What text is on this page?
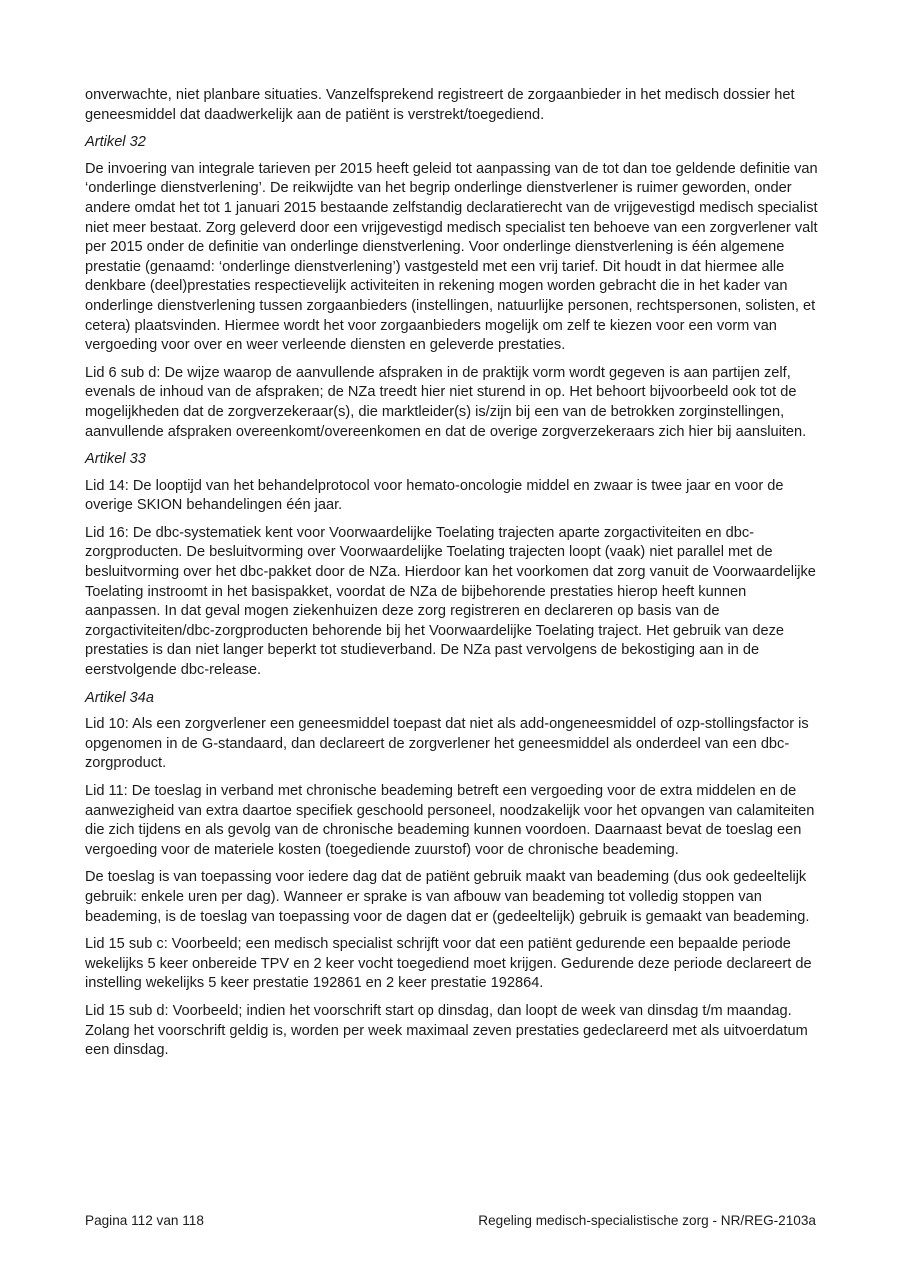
onverwachte, niet planbare situaties. Vanzelfsprekend registreert de zorgaanbieder in het medisch dossier het geneesmiddel dat daadwerkelijk aan de patiënt is verstrekt/toegediend.

Artikel 32

De invoering van integrale tarieven per 2015 heeft geleid tot aanpassing van de tot dan toe geldende definitie van ‘onderlinge dienstverlening’. De reikwijdte van het begrip onderlinge dienstverlener is ruimer geworden, onder andere omdat het tot 1 januari 2015 bestaande zelfstandig declaratierecht van de vrijgevestigd medisch specialist niet meer bestaat. Zorg geleverd door een vrijgevestigd medisch specialist ten behoeve van een zorgverlener valt per 2015 onder de definitie van onderlinge dienstverlening. Voor onderlinge dienstverlening is één algemene prestatie (genaamd: ‘onderlinge dienstverlening’) vastgesteld met een vrij tarief. Dit houdt in dat hiermee alle denkbare (deel)prestaties respectievelijk activiteiten in rekening mogen worden gebracht die in het kader van onderlinge dienstverlening tussen zorgaanbieders (instellingen, natuurlijke personen, rechtspersonen, solisten, et cetera) plaatsvinden. Hiermee wordt het voor zorgaanbieders mogelijk om zelf te kiezen voor een vorm van vergoeding voor over en weer verleende diensten en geleverde prestaties.

Lid 6 sub d: De wijze waarop de aanvullende afspraken in de praktijk vorm wordt gegeven is aan partijen zelf, evenals de inhoud van de afspraken; de NZa treedt hier niet sturend in op. Het behoort bijvoorbeeld ook tot de mogelijkheden dat de zorgverzekeraar(s), die marktleider(s) is/zijn bij een van de betrokken zorginstellingen, aanvullende afspraken overeenkomt/overeenkomen en dat de overige zorgverzekeraars zich hier bij aansluiten.

Artikel 33

Lid 14: De looptijd van het behandelprotocol voor hemato-oncologie middel en zwaar is twee jaar en voor de overige SKION behandelingen één jaar.

Lid 16: De dbc-systematiek kent voor Voorwaardelijke Toelating trajecten aparte zorgactiviteiten en dbc-zorgproducten. De besluitvorming over Voorwaardelijke Toelating trajecten loopt (vaak) niet parallel met de besluitvorming over het dbc-pakket door de NZa. Hierdoor kan het voorkomen dat zorg vanuit de Voorwaardelijke Toelating instroomt in het basispakket, voordat de NZa de bijbehorende prestaties hierop heeft kunnen aanpassen. In dat geval mogen ziekenhuizen deze zorg registreren en declareren op basis van de zorgactiviteiten/dbc-zorgproducten behorende bij het Voorwaardelijke Toelating traject. Het gebruik van deze prestaties is dan niet langer beperkt tot studieverband. De NZa past vervolgens de bekostiging aan in de eerstvolgende dbc-release.

Artikel 34a

Lid 10: Als een zorgverlener een geneesmiddel toepast dat niet als add-ongeneesmiddel of ozp-stollingsfactor is opgenomen in de G-standaard, dan declareert de zorgverlener het geneesmiddel als onderdeel van een dbc-zorgproduct.

Lid 11: De toeslag in verband met chronische beademing betreft een vergoeding voor de extra middelen en de aanwezigheid van extra daartoe specifiek geschoold personeel, noodzakelijk voor het opvangen van calamiteiten die zich tijdens en als gevolg van de chronische beademing kunnen voordoen. Daarnaast bevat de toeslag een vergoeding voor de materiele kosten (toegediende zuurstof) voor de chronische beademing.

De toeslag is van toepassing voor iedere dag dat de patiënt gebruik maakt van beademing (dus ook gedeeltelijk gebruik: enkele uren per dag). Wanneer er sprake is van afbouw van beademing tot volledig stoppen van beademing, is de toeslag van toepassing voor de dagen dat er (gedeeltelijk) gebruik is gemaakt van beademing.

Lid 15 sub c: Voorbeeld; een medisch specialist schrijft voor dat een patiënt gedurende een bepaalde periode wekelijks 5 keer onbereide TPV en 2 keer vocht toegediend moet krijgen. Gedurende deze periode declareert de instelling wekelijks 5 keer prestatie 192861 en 2 keer prestatie 192864.

Lid 15 sub d: Voorbeeld; indien het voorschrift start op dinsdag, dan loopt de week van dinsdag t/m maandag. Zolang het voorschrift geldig is, worden per week maximaal zeven prestaties gedeclareerd met als uitvoerdatum een dinsdag.

Pagina 112 van 118	Regeling medisch-specialistische zorg - NR/REG-2103a
